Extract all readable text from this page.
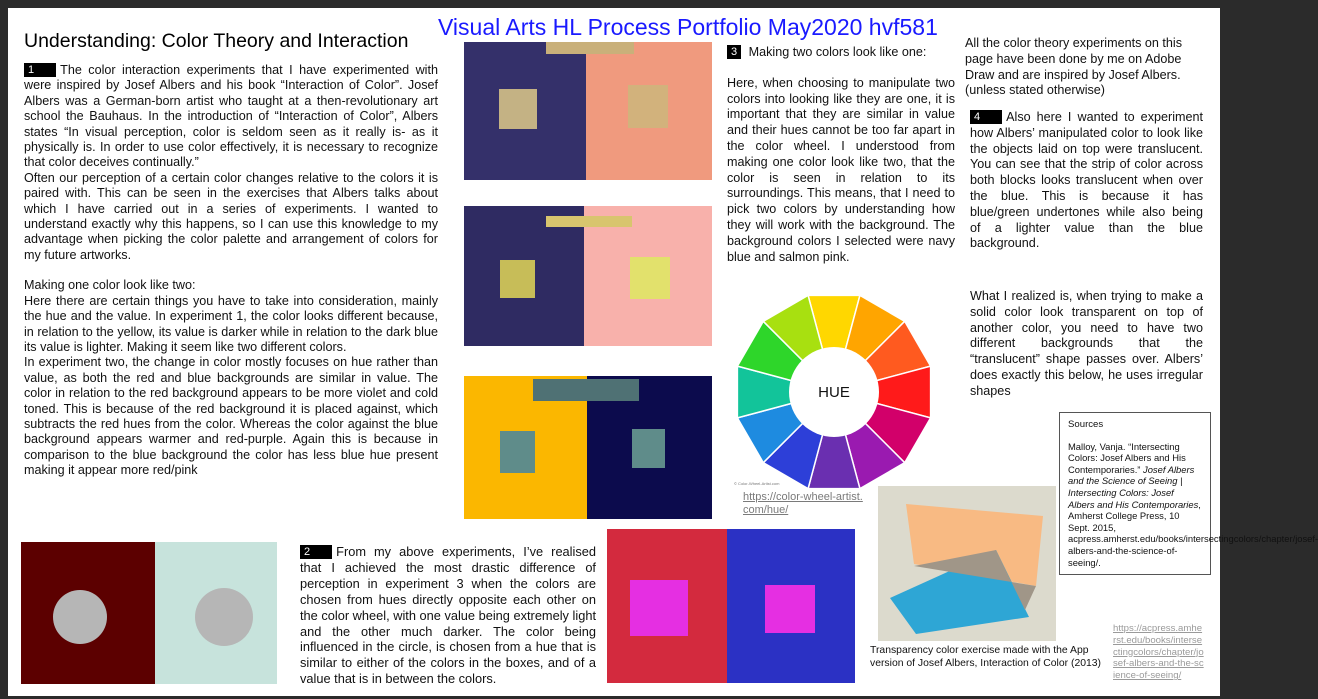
Visual Arts HL Process Portfolio May2020 hvf581
Understanding: Color Theory and Interaction

1 The color interaction experiments that I have experimented with were inspired by Josef Albers and his book “Interaction of Color”. Josef Albers was a German-born artist who taught at a then-revolutionary art school the Bauhaus. In the introduction of “Interaction of Color”, Albers states “In visual perception, color is seldom seen as it really is- as it physically is. In order to use color effectively, it is necessary to recognize that color deceives continually.”

Often our perception of a certain color changes relative to the colors it is paired with. This can be seen in the exercises that Albers talks about which I have carried out in a series of experiments. I wanted to understand exactly why this happens, so I can use this knowledge to my advantage when picking the color palette and arrangement of colors for my future artworks.

Making one color look like two:

Here there are certain things you have to take into consideration, mainly the hue and the value. In experiment 1, the color looks different because, in relation to the yellow, its value is darker while in relation to the dark blue its value is lighter. Making it seem like two different colors.

In experiment two, the change in color mostly focuses on hue rather than value, as both the red and blue backgrounds are similar in value. The color in relation to the red background appears to be more violet and cold toned. This is because of the red background it is placed against, which subtracts the red hues from the color. Whereas the color against the blue background appears warmer and red-purple. Again this is because in comparison to the blue background the color has less blue hue present making it appear more red/pink

2 From my above experiments, I’ve realised that I achieved the most drastic difference of perception in experiment 3 when the colors are chosen from hues directly opposite each other on the color wheel, with one value being extremely light and the other much darker. The color being influenced in the circle, is chosen from a hue that is similar to either of the colors in the boxes, and of a value that is in between the colors.

3 Making two colors look like one:

Here, when choosing to manipulate two colors into looking like they are one, it is important that they are similar in value and their hues cannot be too far apart in the color wheel. I understood from making one color look like two, that the color is seen in relation to its surroundings. This means, that I need to pick two colors by understanding how they will work with the background. The background colors I selected were navy blue and salmon pink.

HUE
© Color-Wheel-Artist.com
https://color-wheel-artist.com/hue/
All the color theory experiments on this page have been done by me on Adobe Draw and are inspired by Josef Albers. (unless stated otherwise)

4 Also here I wanted to experiment how Albers’ manipulated color to look like the objects laid on top were translucent. You can see that the strip of color across both blocks looks translucent when over the blue. This is because it has blue/green undertones while also being of a lighter value than the blue background.

What I realized is, when trying to make a solid color look transparent on top of another color, you need to have two different backgrounds that the “translucent” shape passes over. Albers’ does exactly this below, he uses irregular shapes
Transparency color exercise made with the App version of Josef Albers, Interaction of Color (2013)

Sources

Malloy, Vanja. “Intersecting Colors: Josef Albers and His Contemporaries.” Josef Albers and the Science of Seeing | Intersecting Colors: Josef Albers and His Contemporaries, Amherst College Press, 10 Sept. 2015, acpress.amherst.edu/books/intersectingcolors/chapter/josef-albers-and-the-science-of-seeing/.

https://acpress.amherst.edu/books/intersectingcolors/chapter/josef-albers-and-the-science-of-seeing/
